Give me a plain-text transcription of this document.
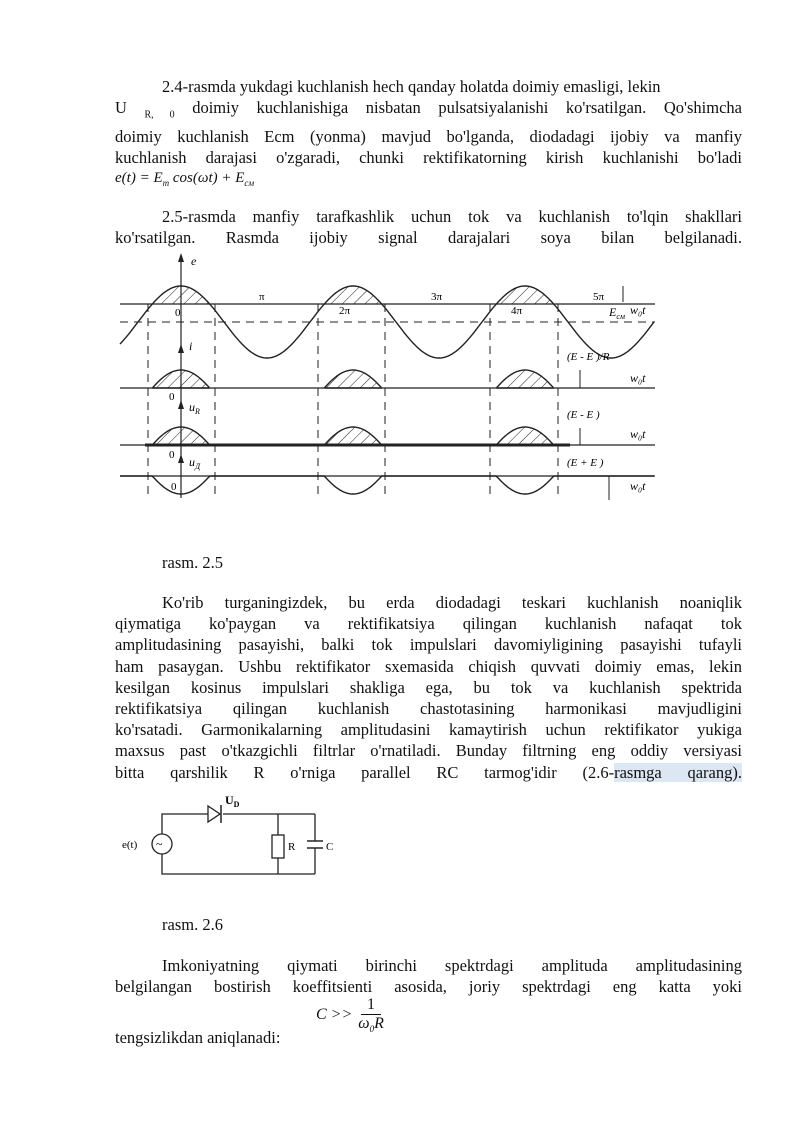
2.4-rasmda yukdagi kuchlanish hech qanday holatda doimiy emasligi, lekin
U $_{R, 0}$ doimiy kuchlanishiga nisbatan pulsatsiyalanishi ko'rsatilgan. Qo'shimcha
doimiy kuchlanish Ecm (yonma) mavjud bo'lganda, diodadagi ijobiy va manfiy
kuchlanish darajasi o'zgaradi, chunki rektifikatorning kirish kuchlanishi bo'ladi
$e(t) = E_m$ $\cos(\omega t) + E_{cм}$
2.5-rasmda manfiy tarafkashlik uchun tok va kuchlanish to'lqin shakllari
ko'rsatilgan. Rasmda ijobiy signal darajalari soya bilan belgilanadi.
e
0
π
2π
3π
4π
5π
$E_{cм}$ w₀t
i
(E - E )/R
w₀t
0
$u_R$	(E - E )
w₀t
0 $u_Д$	(E + E )
w₀t
0
rasm. 2.5
Ko'rib turganingizdek, bu erda diodadagi teskari kuchlanish noaniqlik
qiymatiga ko'paygan va rektifikatsiya qilingan kuchlanish nafaqat tok
amplitudasining pasayishi, balki tok impulslari davomiyligining pasayishi tufayli
ham pasaygan. Ushbu rektifikator sxemasida chiqish quvvati doimiy emas, lekin
kesilgan kosinus impulslari shakliga ega, bu tok va kuchlanish spektrida
rektifikatsiya qilingan kuchlanish chastotasining harmonikasi mavjudligini
ko'rsatadi. Garmonikalarning amplitudasini kamaytirish uchun rektifikator yukiga
maxsus past o'tkazgichli filtrlar o'rnatiladi. Bunday filtrning eng oddiy versiyasi
bitta qarshilik R o'rniga parallel RC tarmog'idir (2.6-rasmga qarang).
e(t) ~
$U_D$
R	C
rasm. 2.6
Imkoniyatning qiymati birinchi spektrdagi amplituda amplitudasining
belgilangan bostirish koeffitsienti asosida, joriy spektrdagi eng katta yoki
$C >> \frac{1}{\omega_0R}$
tengsizlikdan aniqlanadi:
